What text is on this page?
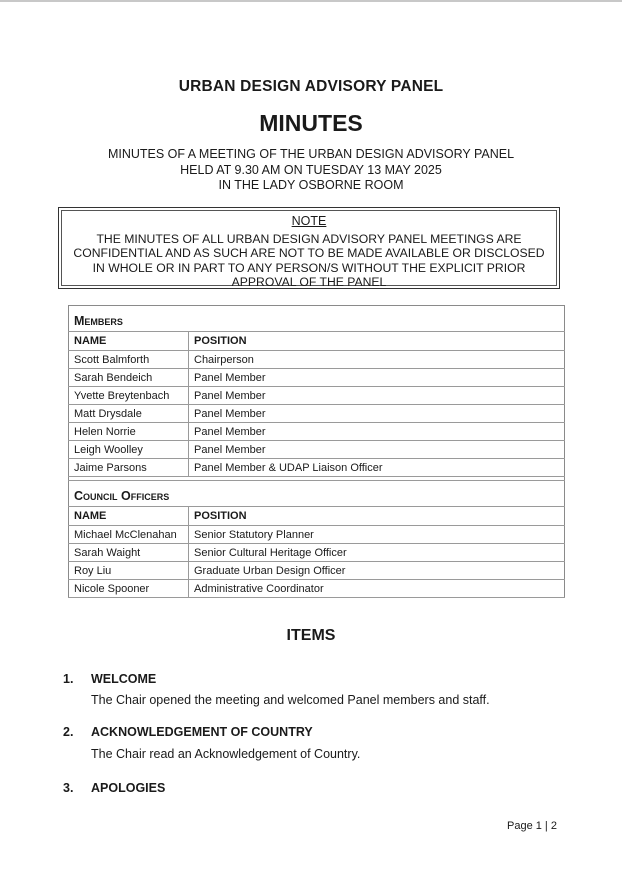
URBAN DESIGN ADVISORY PANEL
MINUTES
MINUTES OF A MEETING OF THE URBAN DESIGN ADVISORY PANEL
HELD AT 9.30 AM ON TUESDAY 13 MAY 2025
IN THE LADY OSBORNE ROOM
NOTE
THE MINUTES OF ALL URBAN DESIGN ADVISORY PANEL MEETINGS ARE CONFIDENTIAL AND AS SUCH ARE NOT TO BE MADE AVAILABLE OR DISCLOSED IN WHOLE OR IN PART TO ANY PERSON/S WITHOUT THE EXPLICIT PRIOR APPROVAL OF THE PANEL
Members	
NAME	POSITION
Scott Balmforth	Chairperson
Sarah Bendeich	Panel Member
Yvette Breytenbach	Panel Member
Matt Drysdale	Panel Member
Helen Norrie	Panel Member
Leigh Woolley	Panel Member
Jaime Parsons	Panel Member & UDAP Liaison Officer

Council Officers	
NAME	POSITION
Michael McClenahan	Senior Statutory Planner
Sarah Waight	Senior Cultural Heritage Officer
Roy Liu	Graduate Urban Design Officer
Nicole Spooner	Administrative Coordinator
ITEMS
1. WELCOME
The Chair opened the meeting and welcomed Panel members and staff.
2. ACKNOWLEDGEMENT OF COUNTRY
The Chair read an Acknowledgement of Country.
3. APOLOGIES
Page 1 | 2
